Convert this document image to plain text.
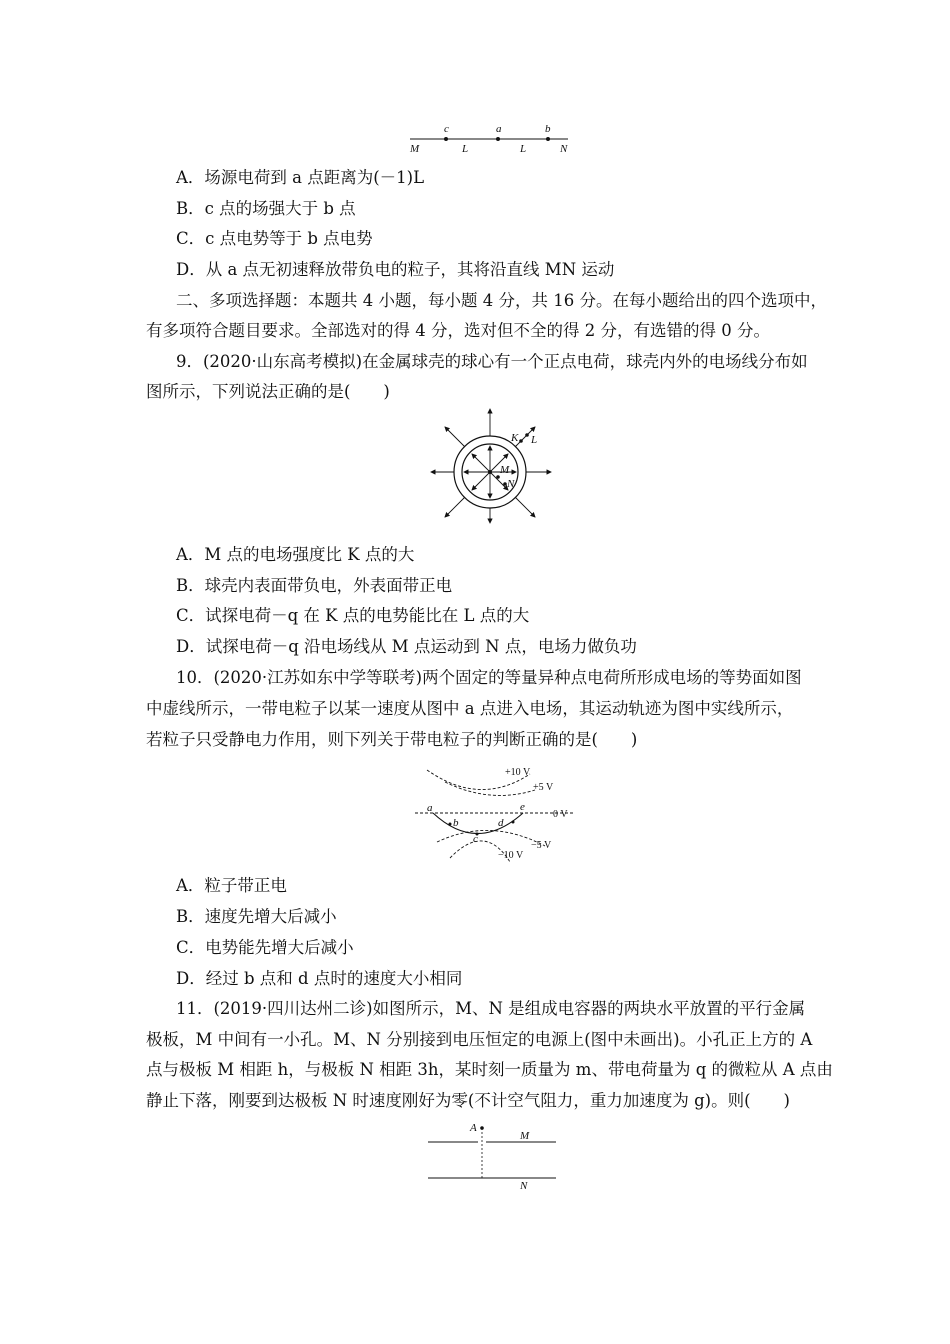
c	a	b
M	L	L	N
A．场源电荷到 a 点距离为(－1)L
B．c 点的场强大于 b 点
C．c 点电势等于 b 点电势
D．从 a 点无初速释放带负电的粒子，其将沿直线 MN 运动
二、多项选择题：本题共 4 小题，每小题 4 分，共 16 分。在每小题给出的四个选项中，
有多项符合题目要求。全部选对的得 4 分，选对但不全的得 2 分，有选错的得 0 分。
9．(2020·山东高考模拟)在金属球壳的球心有一个正点电荷，球壳内外的电场线分布如
图所示，下列说法正确的是(　　)
K L
M
N
A．M 点的电场强度比 K 点的大
B．球壳内表面带负电，外表面带正电
C．试探电荷－q 在 K 点的电势能比在 L 点的大
D．试探电荷－q 沿电场线从 M 点运动到 N 点，电场力做负功
10．(2020·江苏如东中学等联考)两个固定的等量异种点电荷所形成电场的等势面如图
中虚线所示，一带电粒子以某一速度从图中 a 点进入电场，其运动轨迹为图中实线所示，
若粒子只受静电力作用，则下列关于带电粒子的判断正确的是(　　)
+10 V
+5 V
0 V
−5 V
−10 V
a
b
c
d
e
A．粒子带正电
B．速度先增大后减小
C．电势能先增大后减小
D．经过 b 点和 d 点时的速度大小相同
11．(2019·四川达州二诊)如图所示，M、N 是组成电容器的两块水平放置的平行金属
极板，M 中间有一小孔。M、N 分别接到电压恒定的电源上(图中未画出)。小孔正上方的 A
点与极板 M 相距 h，与极板 N 相距 3h，某时刻一质量为 m、带电荷量为 q 的微粒从 A 点由
静止下落，刚要到达极板 N 时速度刚好为零(不计空气阻力，重力加速度为 g)。则(　　)
A
M
N
